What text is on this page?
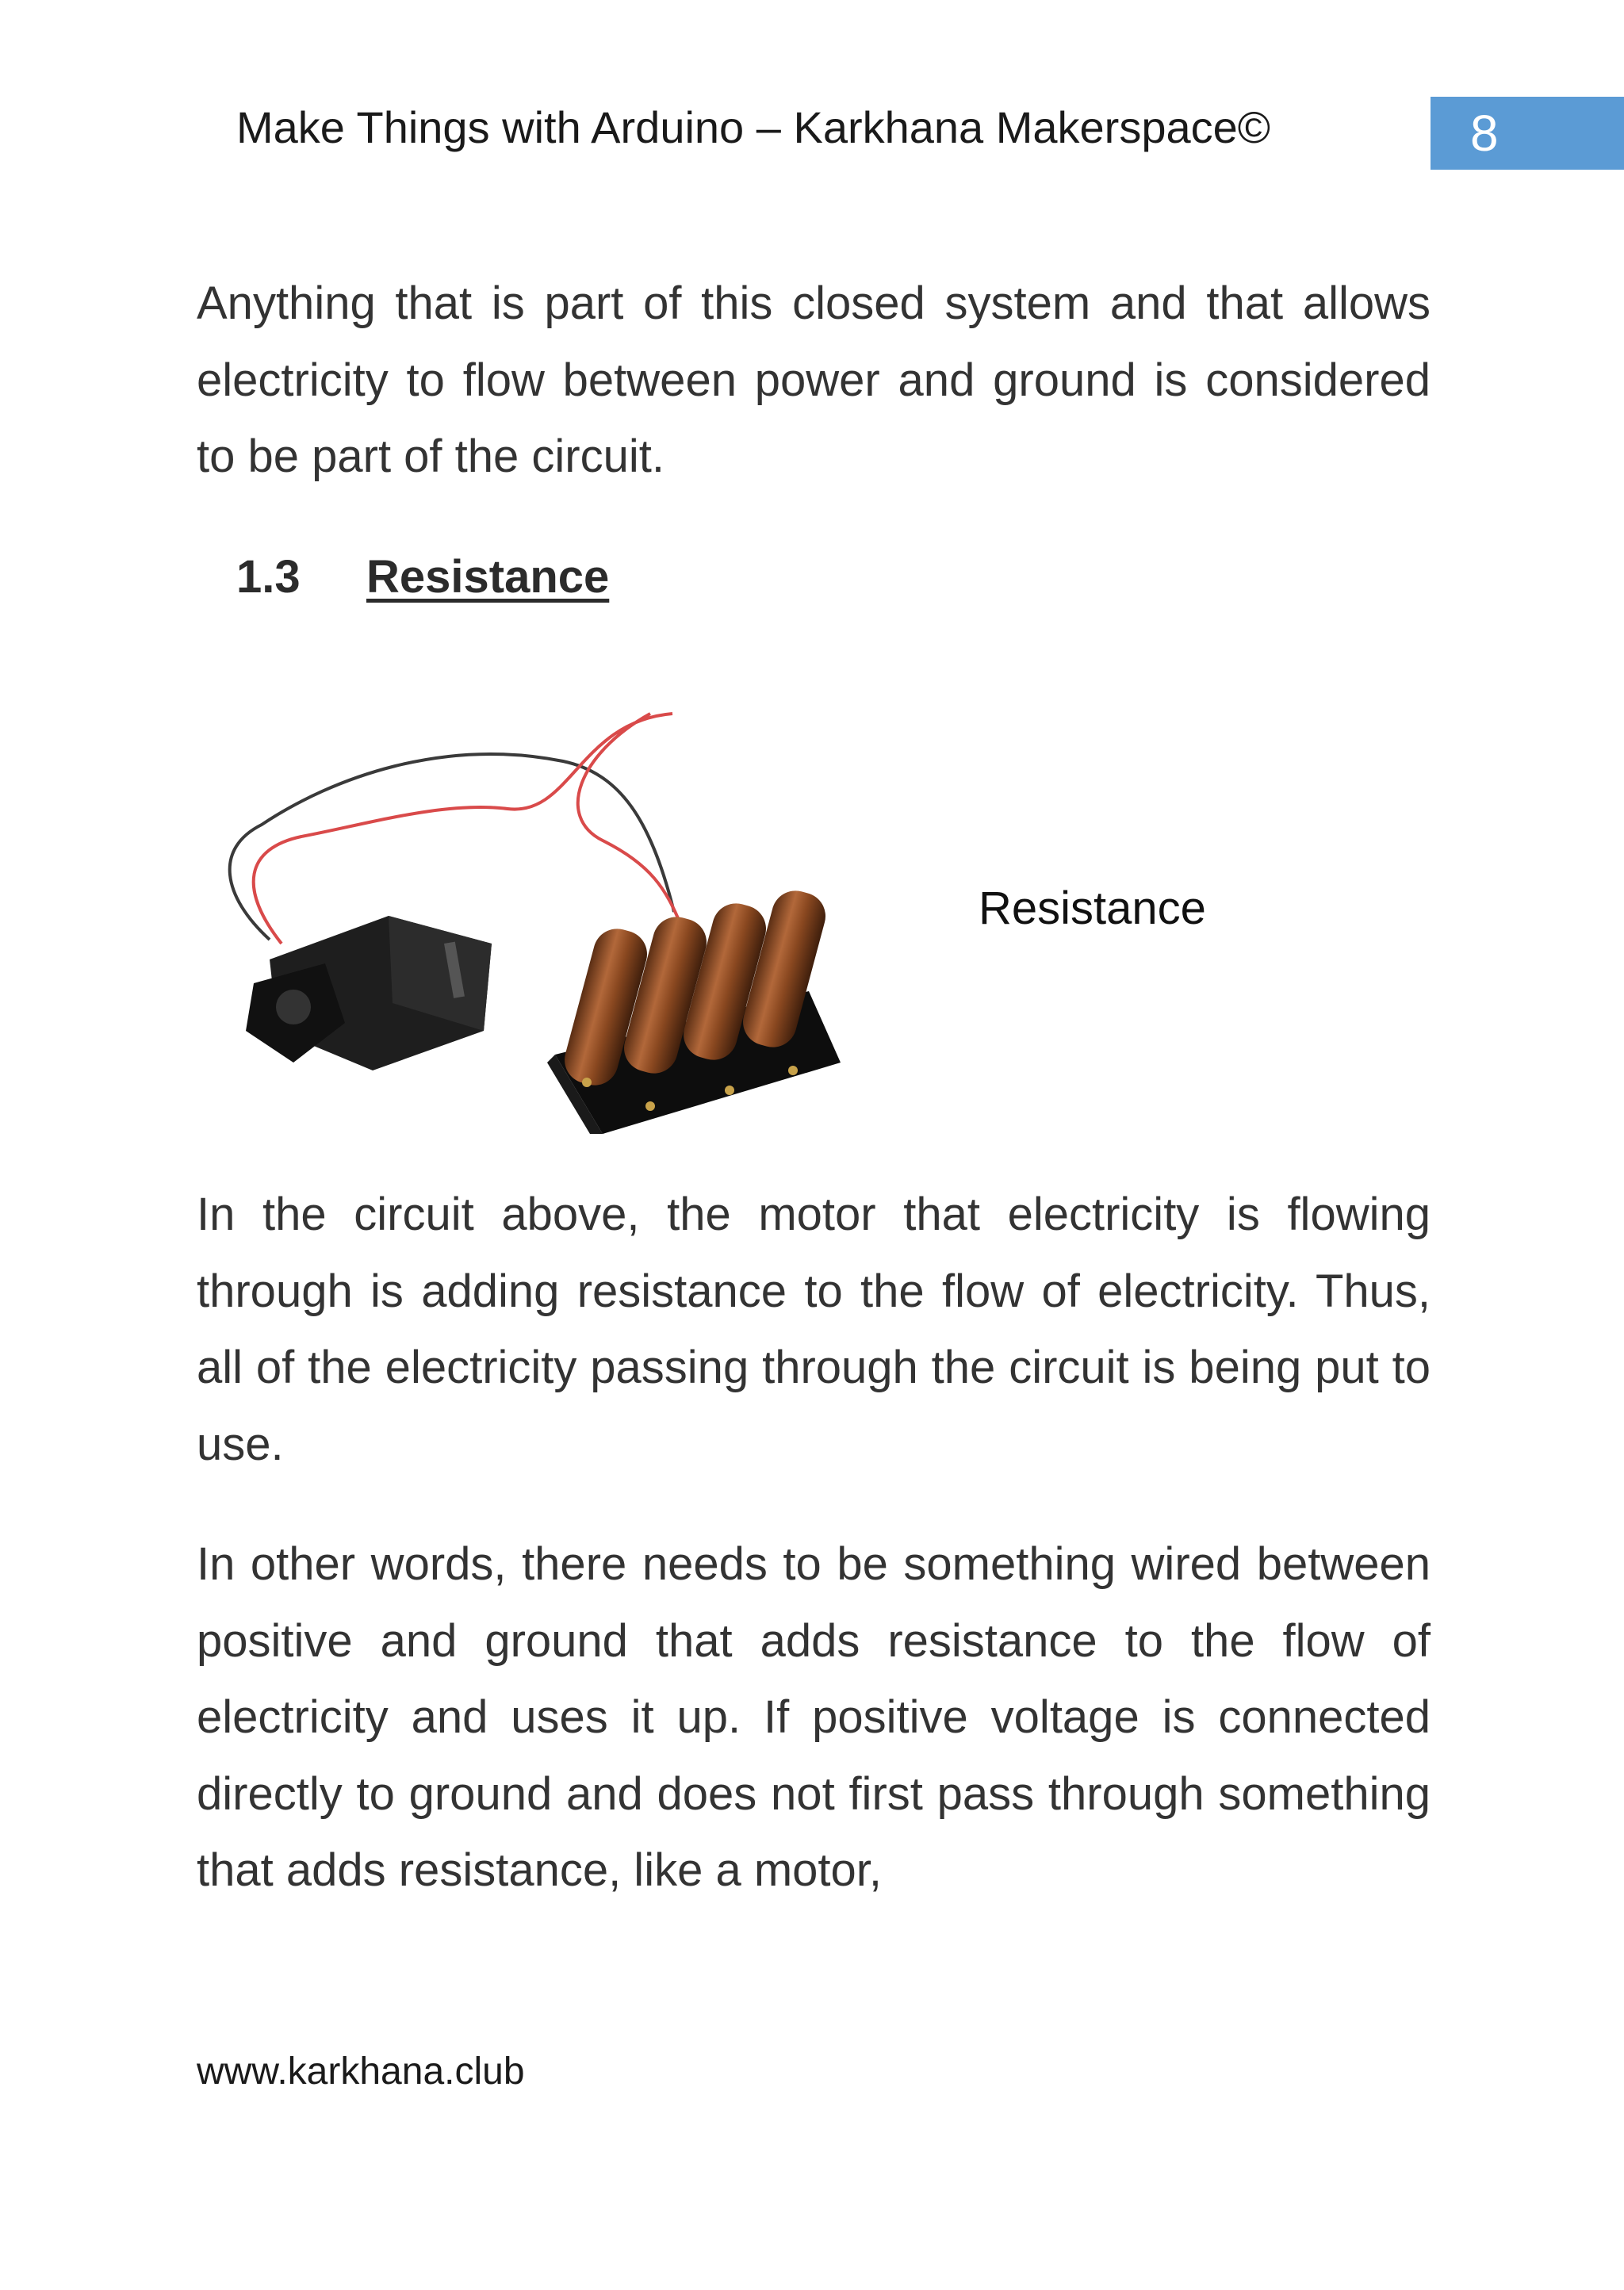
Make Things with Arduino – Karkhana Makerspace©	8

Anything that is part of this closed system and that allows electricity to flow between power and ground is considered to be part of the circuit.

1.3 Resistance
Resistance

In the circuit above, the motor that electricity is flowing through is adding resistance to the flow of electricity. Thus, all of the electricity passing through the circuit is being put to use.

In other words, there needs to be something wired between positive and ground that adds resistance to the flow of electricity and uses it up. If positive voltage is connected directly to ground and does not first pass through something that adds resistance, like a motor,

www.karkhana.club
